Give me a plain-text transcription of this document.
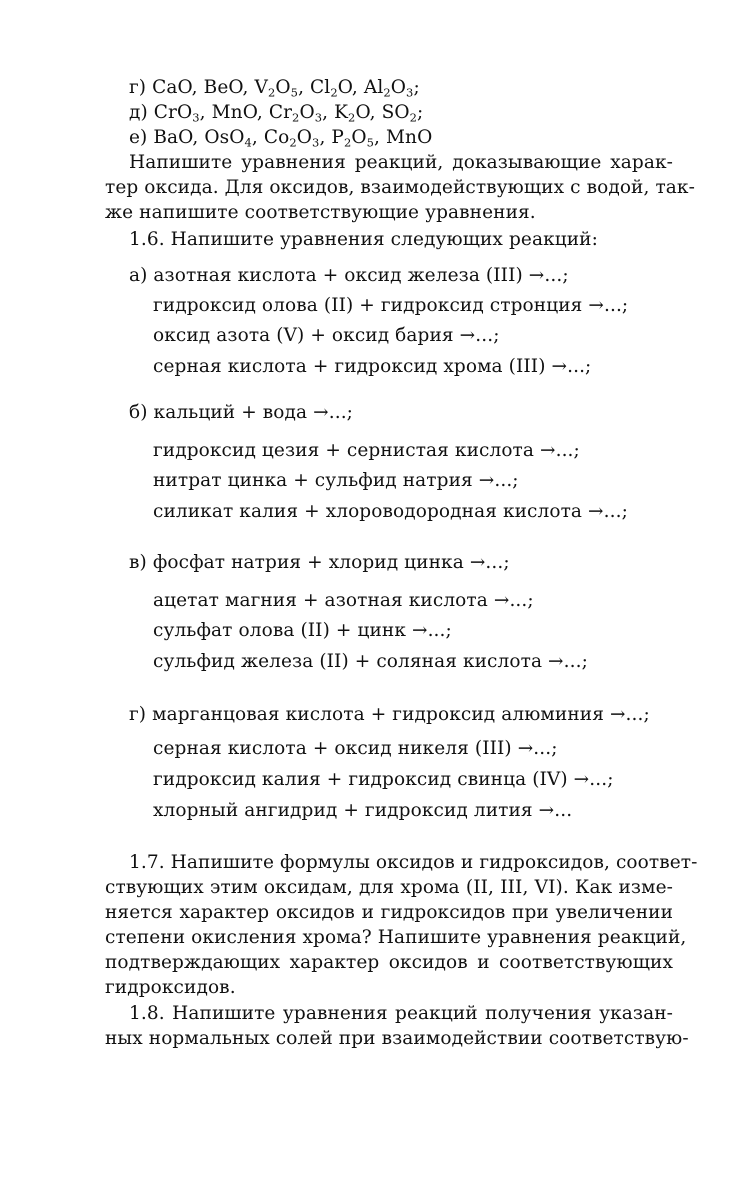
г) CaO, BeO, $V_2O_5$, $Cl_2O$, $Al_2O_3$;
д) CrO$_3$, MnO, $Cr_2O_3$, $K_2O$, $SO_2$;
е) BaO, OsO$_4$, $Co_2O_3$, $P_2O_5$, MnO
Напишите уравнения реакций, доказывающие харак-
тер оксида. Для оксидов, взаимодействующих с водой, так-
же напишите соответствующие уравнения.
1.6. Напишите уравнения следующих реакций:
а) азотная кислота + оксид железа (III) →...;
гидроксид олова (II) + гидроксид стронция →...;
оксид азота (V) + оксид бария →...;
серная кислота + гидроксид хрома (III) →...;
б) кальций + вода →...;
гидроксид цезия + сернистая кислота →...;
нитрат цинка + сульфид натрия →...;
силикат калия + хлороводородная кислота →...;
в) фосфат натрия + хлорид цинка →...;
ацетат магния + азотная кислота →...;
сульфат олова (II) + цинк →...;
сульфид железа (II) + соляная кислота →...;
г) марганцовая кислота + гидроксид алюминия →...;
серная кислота + оксид никеля (III) →...;
гидроксид калия + гидроксид свинца (IV) →...;
хлорный ангидрид + гидроксид лития →...
1.7. Напишите формулы оксидов и гидроксидов, соответ-
ствующих этим оксидам, для хрома (II, III, VI). Как изме-
няется характер оксидов и гидроксидов при увеличении
степени окисления хрома? Напишите уравнения реакций,
подтверждающих характер оксидов и соответствующих
гидроксидов.
1.8. Напишите уравнения реакций получения указан-
ных нормальных солей при взаимодействии соответствую-
